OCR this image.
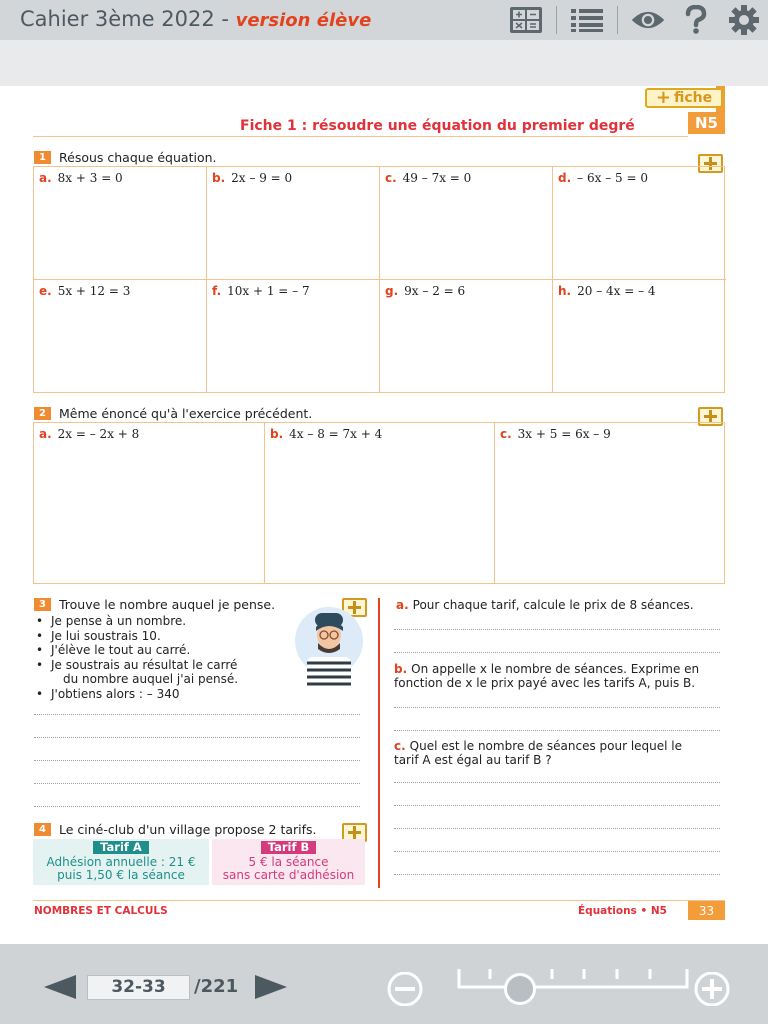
Cahier 3ème 2022 - version élève
+ fiche
N5
Fiche 1 : résoudre une équation du premier degré
1	Résous chaque équation.
a. 8x + 3 = 0	b. 2x – 9 = 0	c. 49 – 7x = 0	d. – 6x – 5 = 0
e. 5x + 12 = 3	f. 10x + 1 = – 7	g. 9x – 2 = 6	h. 20 – 4x = – 4
2	Même énoncé qu'à l'exercice précédent.
a. 2x = – 2x + 8	b. 4x – 8 = 7x + 4	c. 3x + 5 = 6x – 9
3	Trouve le nombre auquel je pense.
• Je pense à un nombre.
• Je lui soustrais 10.
• J'élève le tout au carré.
• Je soustrais au résultat le carré
du nombre auquel j'ai pensé.
• J'obtiens alors : – 340
4	Le ciné-club d'un village propose 2 tarifs.
Tarif A
Adhésion annuelle : 21 €
puis 1,50 € la séance
Tarif B
5 € la séance
sans carte d'adhésion
a. Pour chaque tarif, calcule le prix de 8 séances.
b. On appelle x le nombre de séances. Exprime en
fonction de x le prix payé avec les tarifs A, puis B.
c. Quel est le nombre de séances pour lequel le
tarif A est égal au tarif B ?
NOMBRES ET CALCULS	Équations • N5	33
32-33	/221
